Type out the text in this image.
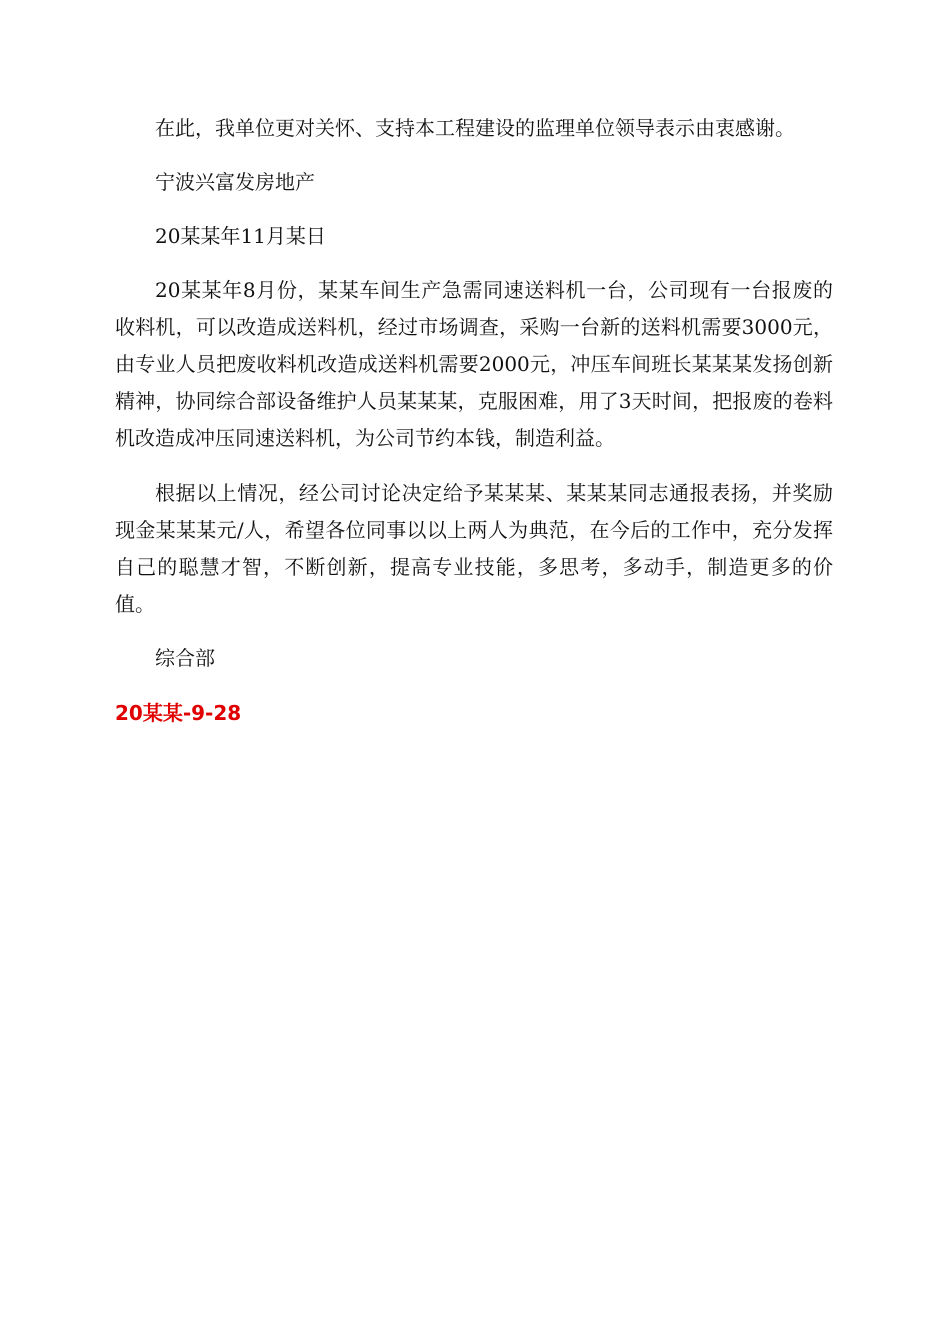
在此，我单位更对关怀、支持本工程建设的监理单位领导表示由衷感谢。

宁波兴富发房地产

20某某年11月某日

20某某年8月份，某某车间生产急需同速送料机一台，公司现有一台报废的收料机，可以改造成送料机，经过市场调查，采购一台新的送料机需要3000元，由专业人员把废收料机改造成送料机需要2000元，冲压车间班长某某某发扬创新精神，协同综合部设备维护人员某某某，克服困难，用了3天时间，把报废的卷料机改造成冲压同速送料机，为公司节约本钱，制造利益。

根据以上情况，经公司讨论决定给予某某某、某某某同志通报表扬，并奖励现金某某某元/人，希望各位同事以以上两人为典范，在今后的工作中，充分发挥自己的聪慧才智，不断创新，提高专业技能，多思考，多动手，制造更多的价值。

综合部

20某某-9-28
